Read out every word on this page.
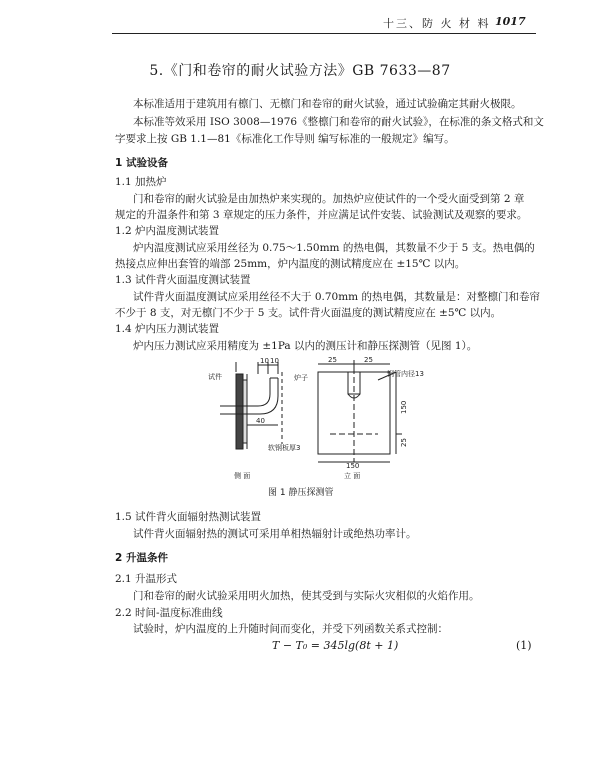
十三、防 火 材 料 1017
5.《门和卷帘的耐火试验方法》GB 7633—87
本标准适用于建筑用有檩门、无檩门和卷帘的耐火试验，通过试验确定其耐火极限。
本标准等效采用 ISO 3008—1976《整檩门和卷帘的耐火试验》，在标准的条文格式和文
字要求上按 GB 1.1—81《标准化工作导则 编写标准的一般规定》编写。
1 试验设备
1.1 加热炉
门和卷帘的耐火试验是由加热炉来实现的。加热炉应使试件的一个受火面受到第 2 章
规定的升温条件和第 3 章规定的压力条件，并应满足试件安装、试验测试及观察的要求。
1.2 炉内温度测试装置
炉内温度测试应采用丝径为 0.75～1.50mm 的热电偶，其数量不少于 5 支。热电偶的
热接点应伸出套管的端部 25mm，炉内温度的测试精度应在 ±15℃ 以内。
1.3 试件背火面温度测试装置
试件背火面温度测试应采用丝径不大于 0.70mm 的热电偶，其数量是：对整檩门和卷帘
不少于 8 支，对无檩门不少于 5 支。试件背火面温度的测试精度应在 ±5℃ 以内。
1.4 炉内压力测试装置
炉内压力测试应采用精度为 ±1Pa 以内的测压计和静压探测管（见图 1）。
试件	炉子
10 10
40
软钢板厚3
侧 面
25	25
钢管内径13
150
150
25
立 面
图 1 静压探测管
1.5 试件背火面辐射热测试装置
试件背火面辐射热的测试可采用单相热辐射计或绝热功率计。
2 升温条件
2.1 升温形式
门和卷帘的耐火试验采用明火加热，使其受到与实际火灾相似的火焰作用。
2.2 时间-温度标准曲线
试验时，炉内温度的上升随时间而变化，并受下列函数关系式控制：
T − T₀ = 345lg(8t + 1)	(1)
